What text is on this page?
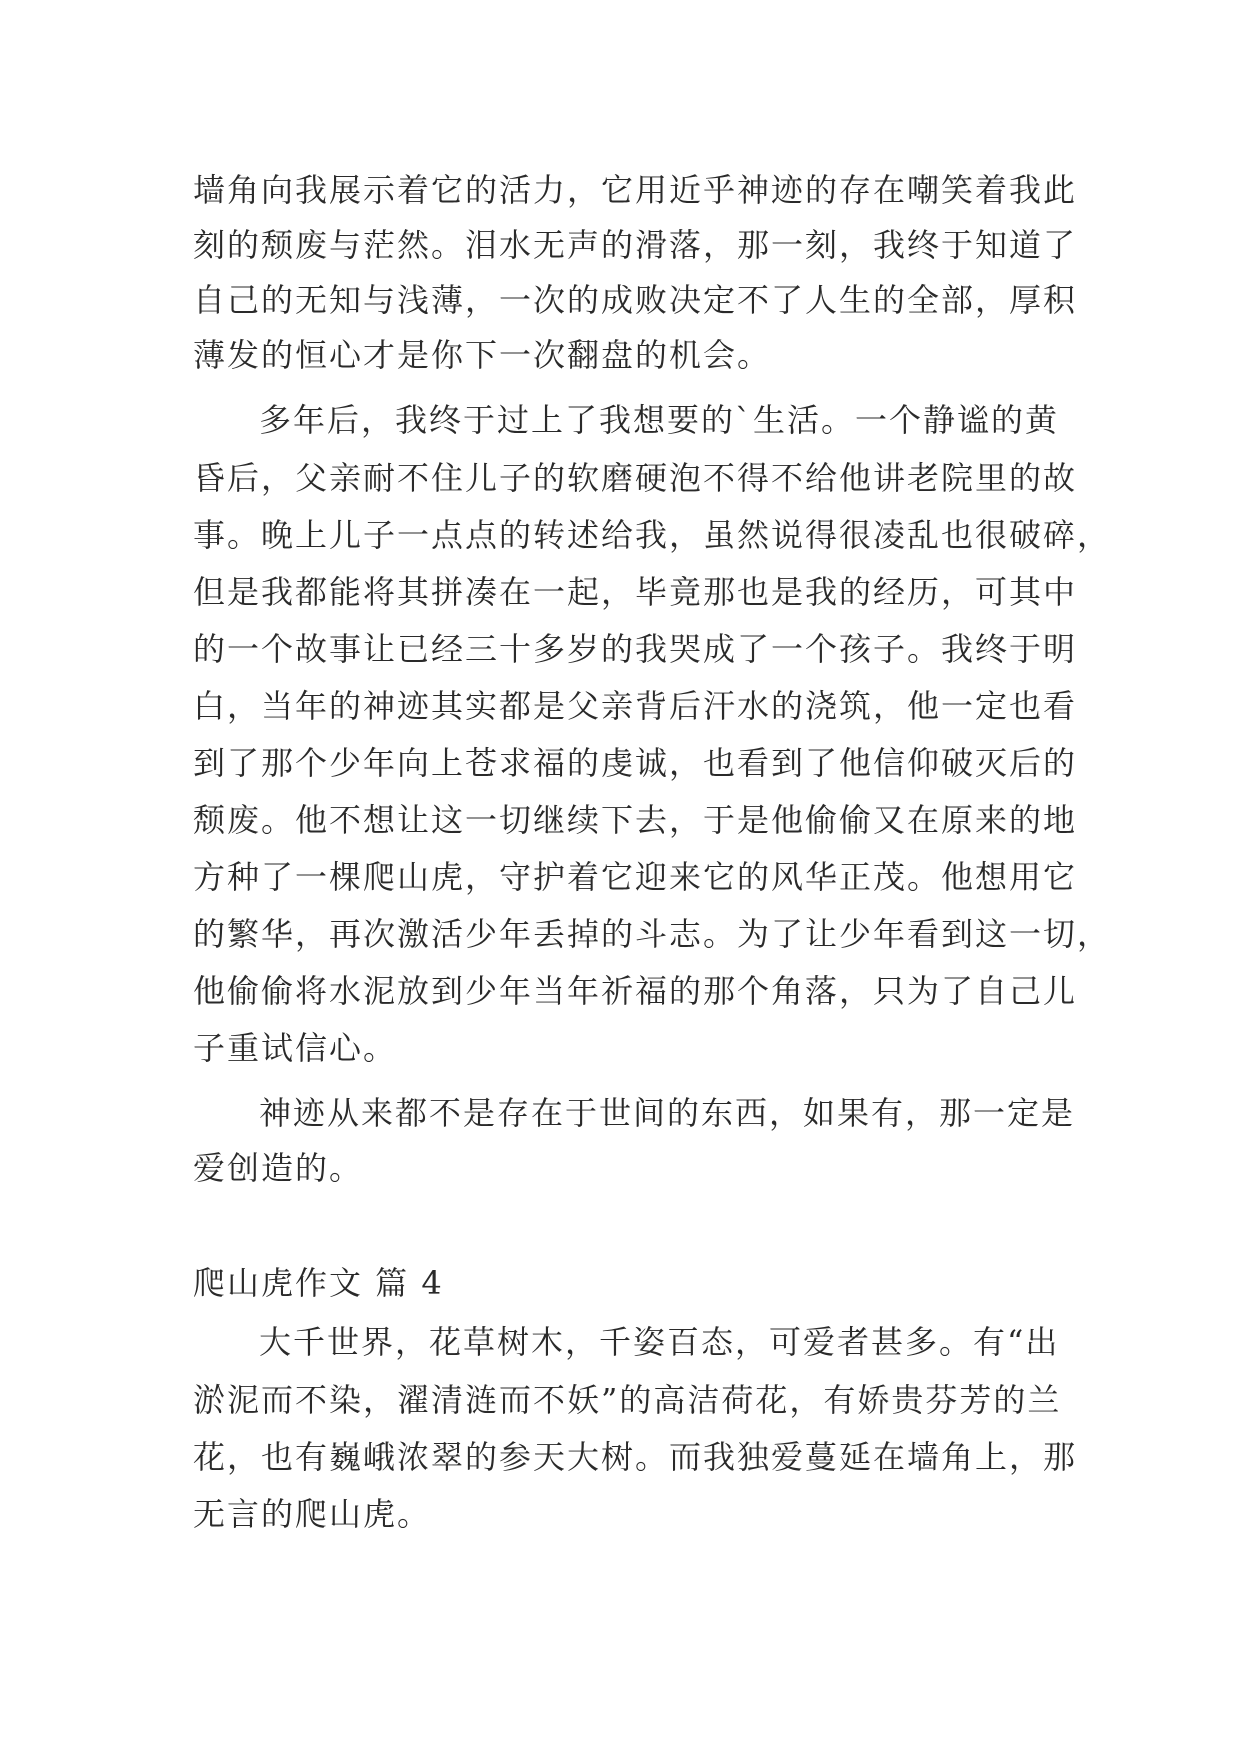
墙角向我展示着它的活力，它用近乎神迹的存在嘲笑着我此
刻的颓废与茫然。泪水无声的滑落，那一刻，我终于知道了
自己的无知与浅薄，一次的成败决定不了人生的全部，厚积
薄发的恒心才是你下一次翻盘的机会。
多年后，我终于过上了我想要的`生活。一个静谧的黄
昏后，父亲耐不住儿子的软磨硬泡不得不给他讲老院里的故
事。晚上儿子一点点的转述给我，虽然说得很凌乱也很破碎，
但是我都能将其拼凑在一起，毕竟那也是我的经历，可其中
的一个故事让已经三十多岁的我哭成了一个孩子。我终于明
白，当年的神迹其实都是父亲背后汗水的浇筑，他一定也看
到了那个少年向上苍求福的虔诚，也看到了他信仰破灭后的
颓废。他不想让这一切继续下去，于是他偷偷又在原来的地
方种了一棵爬山虎，守护着它迎来它的风华正茂。他想用它
的繁华，再次激活少年丢掉的斗志。为了让少年看到这一切，
他偷偷将水泥放到少年当年祈福的那个角落，只为了自己儿
子重试信心。
神迹从来都不是存在于世间的东西，如果有，那一定是
爱创造的。
爬山虎作文 篇 4
大千世界，花草树木，千姿百态，可爱者甚多。有“出
淤泥而不染，濯清涟而不妖”的高洁荷花，有娇贵芬芳的兰
花，也有巍峨浓翠的参天大树。而我独爱蔓延在墙角上，那
无言的爬山虎。
